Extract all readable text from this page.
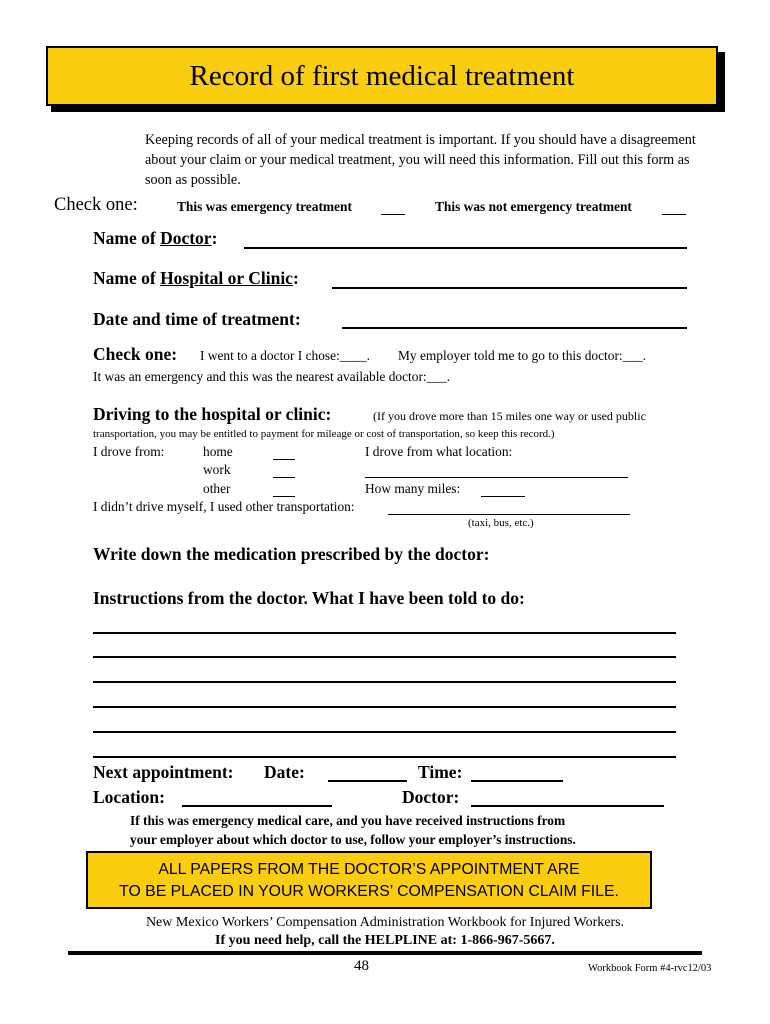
Record of first medical treatment
Keeping records of all of your medical treatment is important. If you should have a disagreement about your claim or your medical treatment, you will need this information. Fill out this form as soon as possible.
Check one:	This was emergency treatment	This was not emergency treatment
Name of Doctor:
Name of Hospital or Clinic:
Date and time of treatment:
Check one: I went to a doctor I chose:____. My employer told me to go to this doctor:___.
It was an emergency and this was the nearest available doctor:___.
Driving to the hospital or clinic:	(If you drove more than 15 miles one way or used public
transportation, you may be entitled to payment for mileage or cost of transportation, so keep this record.)
I drove from:	home	I drove from what location:
work
other	How many miles:
I didn’t drive myself, I used other transportation:
(taxi, bus, etc.)
Write down the medication prescribed by the doctor:
Instructions from the doctor. What I have been told to do:
Next appointment: Date:	Time:
Location:	Doctor:
If this was emergency medical care, and you have received instructions from
your employer about which doctor to use, follow your employer’s instructions.
ALL PAPERS FROM THE DOCTOR’S APPOINTMENT ARE
TO BE PLACED IN YOUR WORKERS’ COMPENSATION CLAIM FILE.
New Mexico Workers’ Compensation Administration Workbook for Injured Workers.
If you need help, call the HELPLINE at: 1-866-967-5667.
48	Workbook Form #4-rvc12/03
